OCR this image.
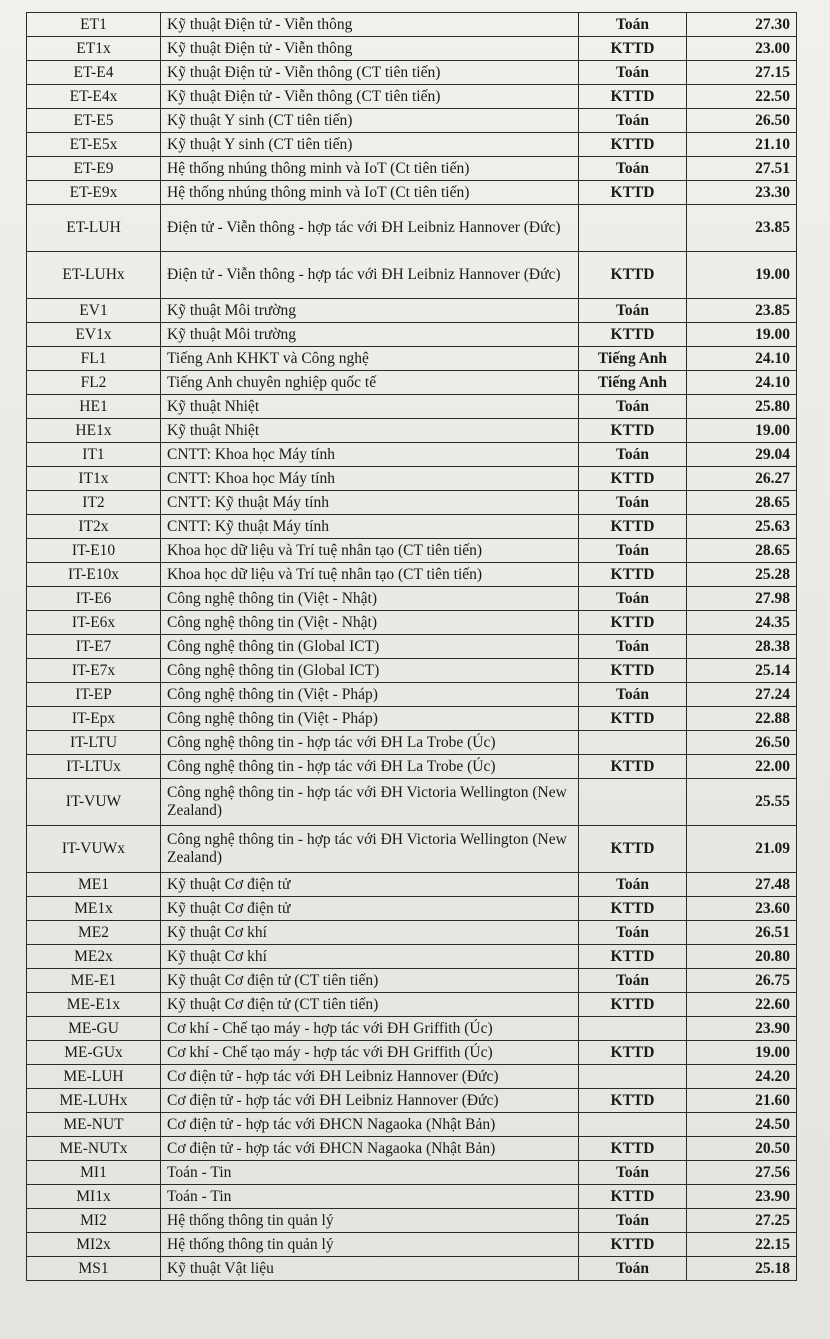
ET1	Kỹ thuật Điện tử - Viễn thông	Toán	27.30
ET1x	Kỹ thuật Điện tử - Viễn thông	KTTD	23.00
ET-E4	Kỹ thuật Điện tử - Viễn thông (CT tiên tiến)	Toán	27.15
ET-E4x	Kỹ thuật Điện tử - Viễn thông (CT tiên tiến)	KTTD	22.50
ET-E5	Kỹ thuật Y sinh (CT tiên tiến)	Toán	26.50
ET-E5x	Kỹ thuật Y sinh (CT tiên tiến)	KTTD	21.10
ET-E9	Hệ thống nhúng thông minh và IoT (Ct tiên tiến)	Toán	27.51
ET-E9x	Hệ thống nhúng thông minh và IoT (Ct tiên tiến)	KTTD	23.30
ET-LUH	Điện tử - Viễn thông - hợp tác với ĐH Leibniz Hannover (Đức)		23.85
ET-LUHx	Điện tử - Viễn thông - hợp tác với ĐH Leibniz Hannover (Đức)	KTTD	19.00
EV1	Kỹ thuật Môi trường	Toán	23.85
EV1x	Kỹ thuật Môi trường	KTTD	19.00
FL1	Tiếng Anh KHKT và Công nghệ	Tiếng Anh	24.10
FL2	Tiếng Anh chuyên nghiệp quốc tế	Tiếng Anh	24.10
HE1	Kỹ thuật Nhiệt	Toán	25.80
HE1x	Kỹ thuật Nhiệt	KTTD	19.00
IT1	CNTT: Khoa học Máy tính	Toán	29.04
IT1x	CNTT: Khoa học Máy tính	KTTD	26.27
IT2	CNTT: Kỹ thuật Máy tính	Toán	28.65
IT2x	CNTT: Kỹ thuật Máy tính	KTTD	25.63
IT-E10	Khoa học dữ liệu và Trí tuệ nhân tạo (CT tiên tiến)	Toán	28.65
IT-E10x	Khoa học dữ liệu và Trí tuệ nhân tạo (CT tiên tiến)	KTTD	25.28
IT-E6	Công nghệ thông tin (Việt - Nhật)	Toán	27.98
IT-E6x	Công nghệ thông tin (Việt - Nhật)	KTTD	24.35
IT-E7	Công nghệ thông tin (Global ICT)	Toán	28.38
IT-E7x	Công nghệ thông tin (Global ICT)	KTTD	25.14
IT-EP	Công nghệ thông tin (Việt - Pháp)	Toán	27.24
IT-Epx	Công nghệ thông tin (Việt - Pháp)	KTTD	22.88
IT-LTU	Công nghệ thông tin - hợp tác với ĐH La Trobe (Úc)		26.50
IT-LTUx	Công nghệ thông tin - hợp tác với ĐH La Trobe (Úc)	KTTD	22.00
IT-VUW	Công nghệ thông tin - hợp tác với ĐH Victoria Wellington (New Zealand)		25.55
IT-VUWx	Công nghệ thông tin - hợp tác với ĐH Victoria Wellington (New Zealand)	KTTD	21.09
ME1	Kỹ thuật Cơ điện tử	Toán	27.48
ME1x	Kỹ thuật Cơ điện tử	KTTD	23.60
ME2	Kỹ thuật Cơ khí	Toán	26.51
ME2x	Kỹ thuật Cơ khí	KTTD	20.80
ME-E1	Kỹ thuật Cơ điện tử (CT tiên tiến)	Toán	26.75
ME-E1x	Kỹ thuật Cơ điện tử (CT tiên tiến)	KTTD	22.60
ME-GU	Cơ khí - Chế tạo máy - hợp tác với ĐH Griffith (Úc)		23.90
ME-GUx	Cơ khí - Chế tạo máy - hợp tác với ĐH Griffith (Úc)	KTTD	19.00
ME-LUH	Cơ điện tử - hợp tác với ĐH Leibniz Hannover (Đức)		24.20
ME-LUHx	Cơ điện tử - hợp tác với ĐH Leibniz Hannover (Đức)	KTTD	21.60
ME-NUT	Cơ điện tử - hợp tác với ĐHCN Nagaoka (Nhật Bản)		24.50
ME-NUTx	Cơ điện tử - hợp tác với ĐHCN Nagaoka (Nhật Bản)	KTTD	20.50
MI1	Toán - Tin	Toán	27.56
MI1x	Toán - Tin	KTTD	23.90
MI2	Hệ thống thông tin quản lý	Toán	27.25
MI2x	Hệ thống thông tin quản lý	KTTD	22.15
MS1	Kỹ thuật Vật liệu	Toán	25.18
